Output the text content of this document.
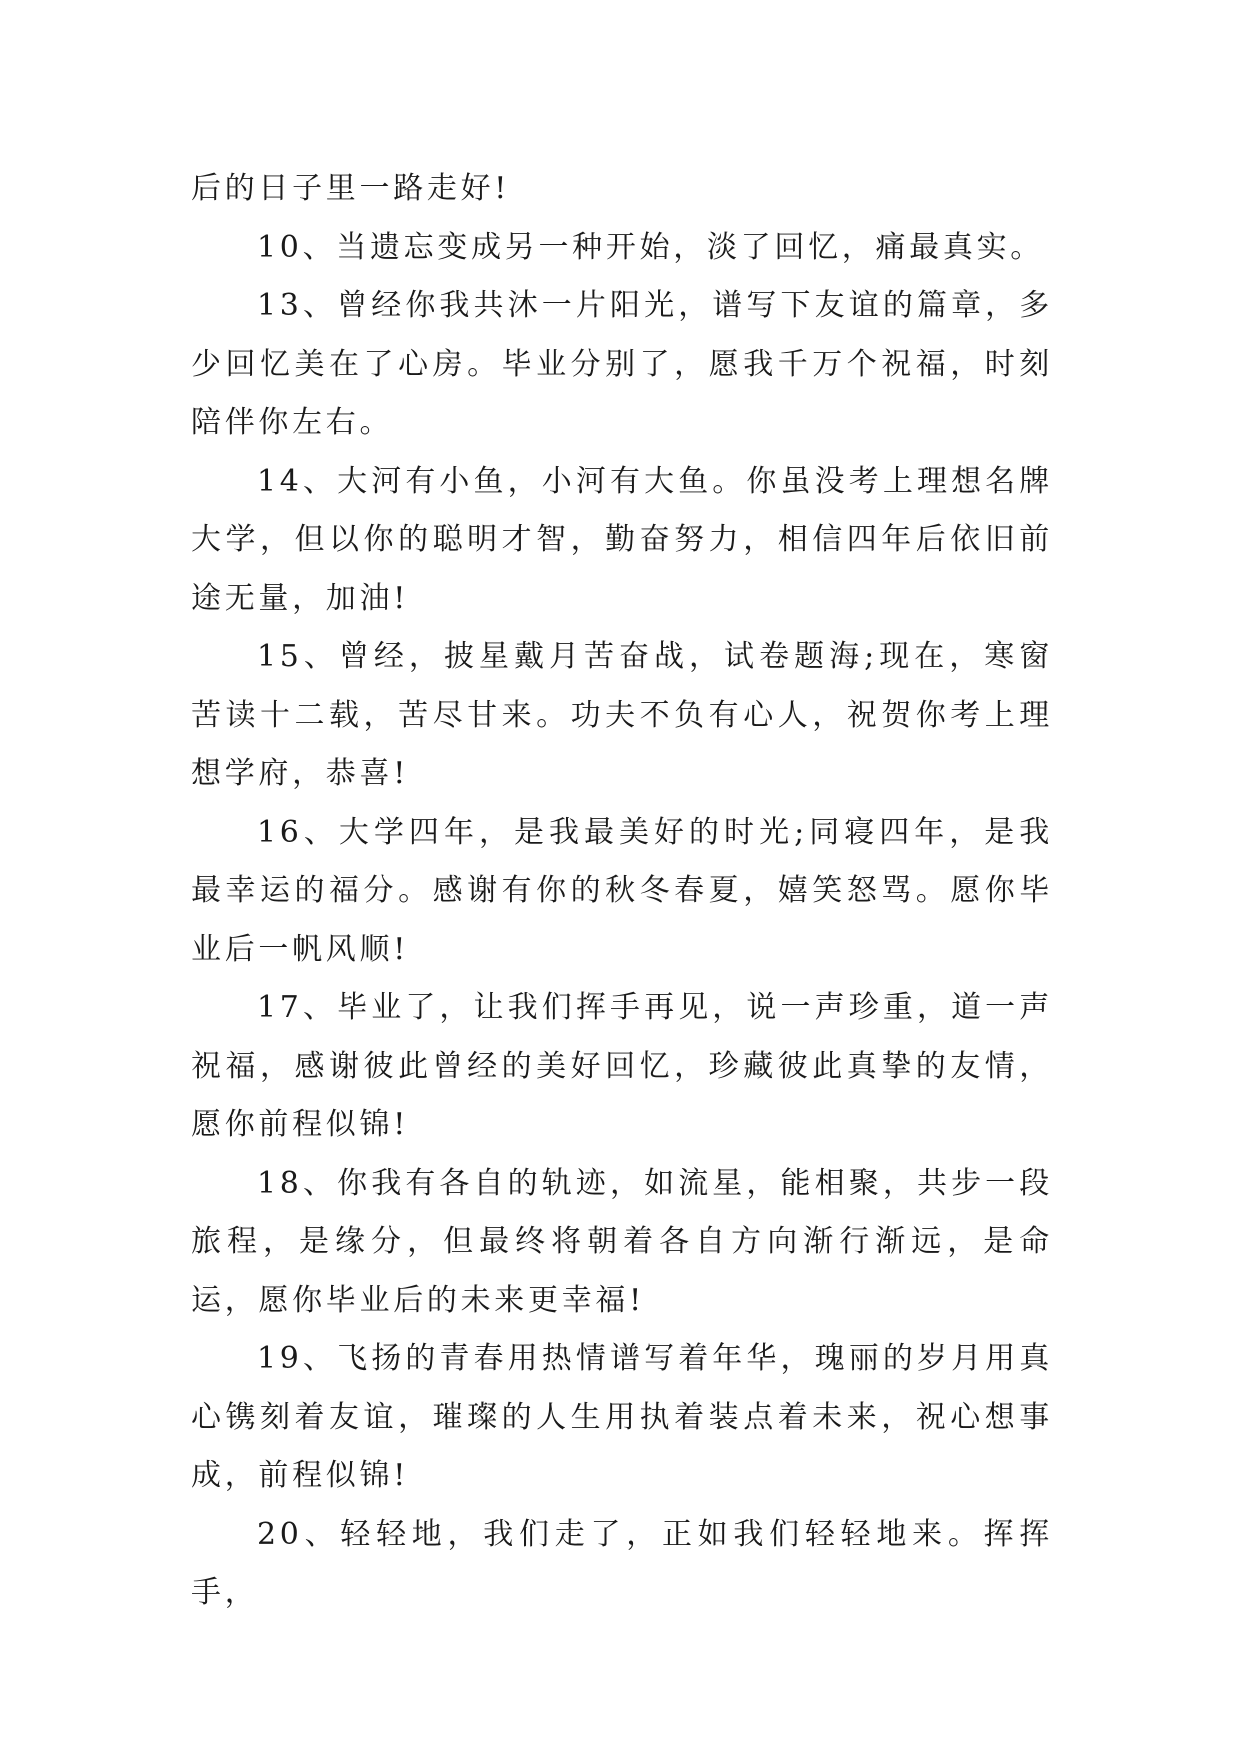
后的日子里一路走好!

10、当遗忘变成另一种开始，淡了回忆，痛最真实。

13、曾经你我共沐一片阳光，谱写下友谊的篇章，多少回忆美在了心房。毕业分别了，愿我千万个祝福，时刻陪伴你左右。

14、大河有小鱼，小河有大鱼。你虽没考上理想名牌大学，但以你的聪明才智，勤奋努力，相信四年后依旧前途无量，加油!

15、曾经，披星戴月苦奋战，试卷题海;现在，寒窗苦读十二载，苦尽甘来。功夫不负有心人，祝贺你考上理想学府，恭喜!

16、大学四年，是我最美好的时光;同寝四年，是我最幸运的福分。感谢有你的秋冬春夏，嬉笑怒骂。愿你毕业后一帆风顺!

17、毕业了，让我们挥手再见，说一声珍重，道一声祝福，感谢彼此曾经的美好回忆，珍藏彼此真挚的友情，愿你前程似锦!

18、你我有各自的轨迹，如流星，能相聚，共步一段旅程，是缘分，但最终将朝着各自方向渐行渐远，是命运，愿你毕业后的未来更幸福!

19、飞扬的青春用热情谱写着年华，瑰丽的岁月用真心镌刻着友谊，璀璨的人生用执着装点着未来，祝心想事成，前程似锦!

20、轻轻地，我们走了，正如我们轻轻地来。挥挥手，
